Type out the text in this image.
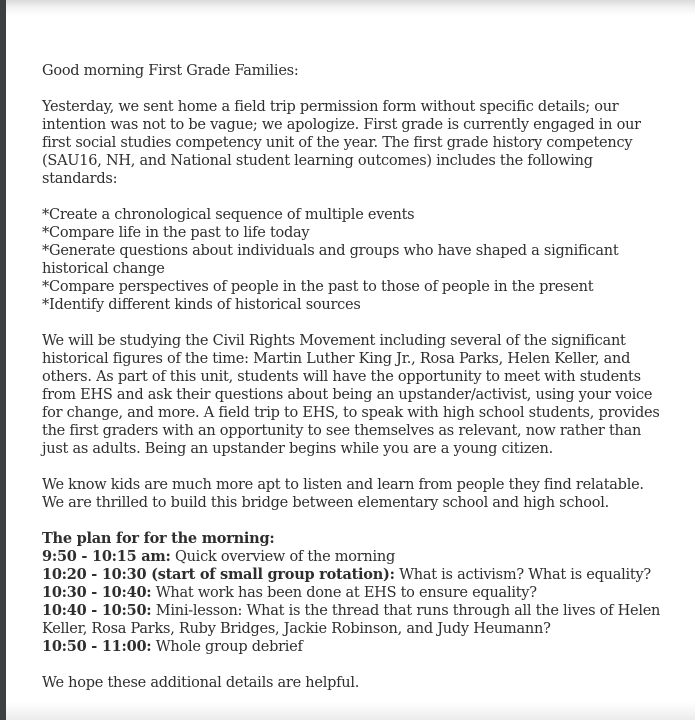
Good morning First Grade Families:

Yesterday, we sent home a field trip permission form without specific details; our intention was not to be vague; we apologize. First grade is currently engaged in our first social studies competency unit of the year. The first grade history competency (SAU16, NH, and National student learning outcomes) includes the following standards:

*Create a chronological sequence of multiple events

*Compare life in the past to life today

*Generate questions about individuals and groups who have shaped a significant historical change

*Compare perspectives of people in the past to those of people in the present

*Identify different kinds of historical sources

We will be studying the Civil Rights Movement including several of the significant historical figures of the time: Martin Luther King Jr., Rosa Parks, Helen Keller, and others. As part of this unit, students will have the opportunity to meet with students from EHS and ask their questions about being an upstander/activist, using your voice for change, and more. A field trip to EHS, to speak with high school students, provides the first graders with an opportunity to see themselves as relevant, now rather than just as adults. Being an upstander begins while you are a young citizen.

We know kids are much more apt to listen and learn from people they find relatable. We are thrilled to build this bridge between elementary school and high school.

The plan for for the morning:

9:50 - 10:15 am: Quick overview of the morning

10:20 - 10:30 (start of small group rotation): What is activism? What is equality?

10:30 - 10:40: What work has been done at EHS to ensure equality?

10:40 - 10:50: Mini-lesson: What is the thread that runs through all the lives of Helen Keller, Rosa Parks, Ruby Bridges, Jackie Robinson, and Judy Heumann?

10:50 - 11:00: Whole group debrief

We hope these additional details are helpful.
